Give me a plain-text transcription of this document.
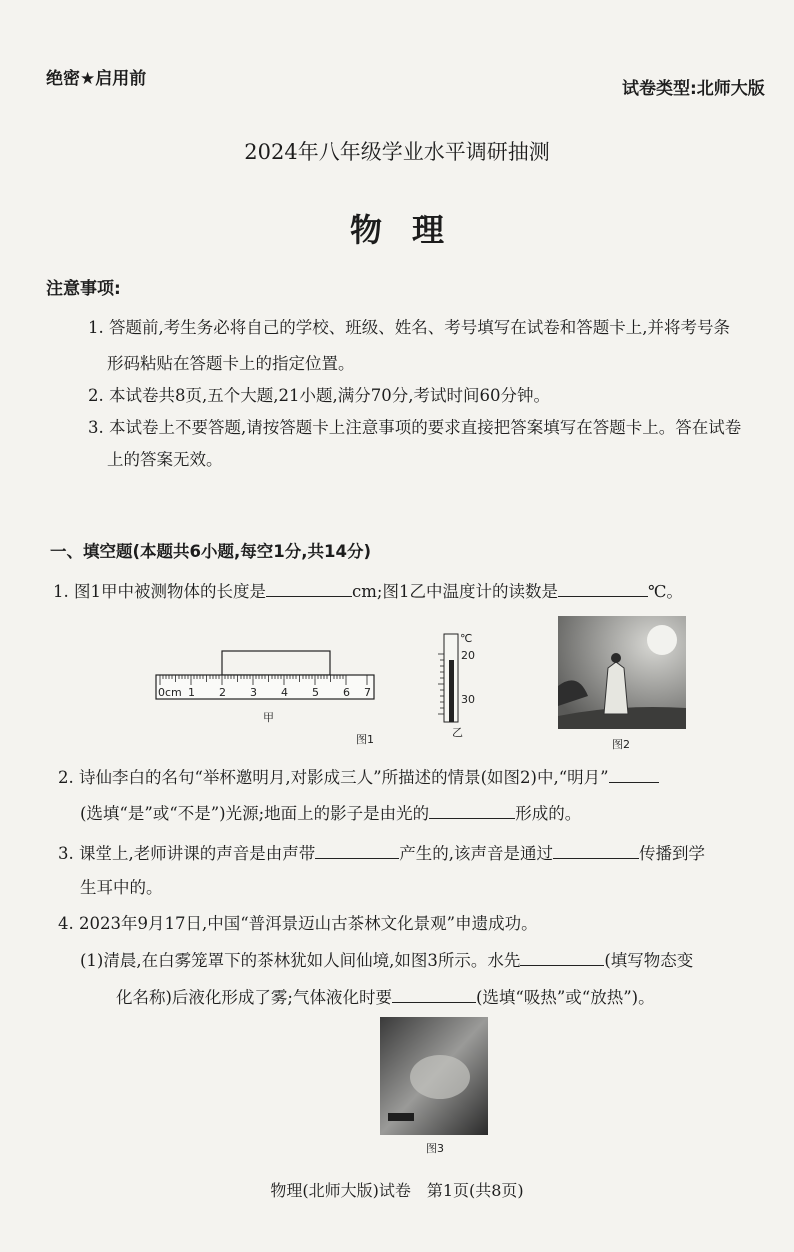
绝密★启用前	试卷类型:北师大版
2024年八年级学业水平调研抽测
物理
注意事项:
1. 答题前,考生务必将自己的学校、班级、姓名、考号填写在试卷和答题卡上,并将考号条
形码粘贴在答题卡上的指定位置。
2. 本试卷共8页,五个大题,21小题,满分70分,考试时间60分钟。
3. 本试卷上不要答题,请按答题卡上注意事项的要求直接把答案填写在答题卡上。答在试卷
上的答案无效。
一、填空题(本题共6小题,每空1分,共14分)
1. 图1甲中被测物体的长度是	cm;图1乙中温度计的读数是	℃。
0cm 1 2 3 4 5 6 7
甲
℃
20
30
乙
图1	图2
2. 诗仙李白的名句“举杯邀明月,对影成三人”所描述的情景(如图2)中,“明月”
(选填“是”或“不是”)光源;地面上的影子是由光的	形成的。
3. 课堂上,老师讲课的声音是由声带	产生的,该声音是通过	传播到学
生耳中的。
4. 2023年9月17日,中国“普洱景迈山古茶林文化景观”申遗成功。
(1)清晨,在白雾笼罩下的茶林犹如人间仙境,如图3所示。水先	(填写物态变
化名称)后液化形成了雾;气体液化时要	(选填“吸热”或“放热”)。
图3
物理(北师大版)试卷　第1页(共8页)
